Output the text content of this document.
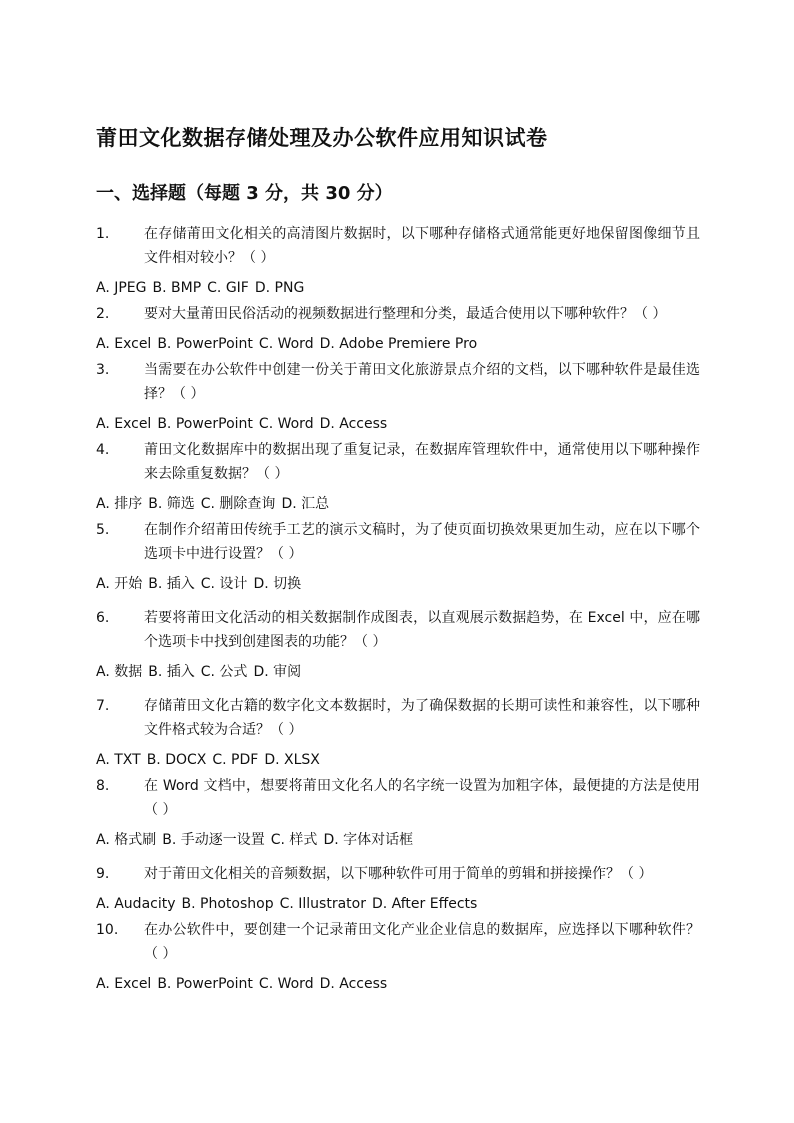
莆田文化数据存储处理及办公软件应用知识试卷
一、选择题（每题 3 分，共 30 分）
1.	在存储莆田文化相关的高清图片数据时，以下哪种存储格式通常能更好地保留图像细节且文件相对较小？（ ）
A. JPEG B. BMP C. GIF D. PNG
2.	要对大量莆田民俗活动的视频数据进行整理和分类，最适合使用以下哪种软件？（ ）
A. Excel B. PowerPoint C. Word D. Adobe Premiere Pro
3.	当需要在办公软件中创建一份关于莆田文化旅游景点介绍的文档，以下哪种软件是最佳选择？（ ）
A. Excel B. PowerPoint C. Word D. Access
4.	莆田文化数据库中的数据出现了重复记录，在数据库管理软件中，通常使用以下哪种操作来去除重复数据？（ ）
A. 排序 B. 筛选 C. 删除查询 D. 汇总
5.	在制作介绍莆田传统手工艺的演示文稿时，为了使页面切换效果更加生动，应在以下哪个选项卡中进行设置？（ ）
A. 开始 B. 插入 C. 设计 D. 切换
6.	若要将莆田文化活动的相关数据制作成图表，以直观展示数据趋势，在 Excel 中，应在哪个选项卡中找到创建图表的功能？（ ）
A. 数据 B. 插入 C. 公式 D. 审阅
7.	存储莆田文化古籍的数字化文本数据时，为了确保数据的长期可读性和兼容性，以下哪种文件格式较为合适？（ ）
A. TXT B. DOCX C. PDF D. XLSX
8.	在 Word 文档中，想要将莆田文化名人的名字统一设置为加粗字体，最便捷的方法是使用（ ）
A. 格式刷 B. 手动逐一设置 C. 样式 D. 字体对话框
9.	对于莆田文化相关的音频数据，以下哪种软件可用于简单的剪辑和拼接操作？（ ）
A. Audacity B. Photoshop C. Illustrator D. After Effects
10.	在办公软件中，要创建一个记录莆田文化产业企业信息的数据库，应选择以下哪种软件？（ ）
A. Excel B. PowerPoint C. Word D. Access
